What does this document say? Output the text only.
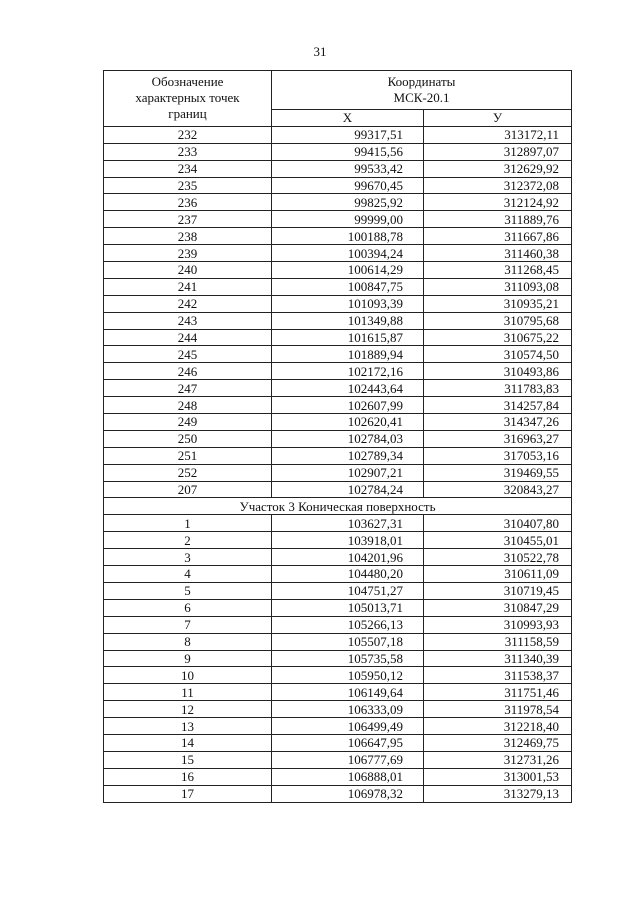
31
Обозначение характерных точек границ	Координаты
МСК-20.1	

	X	У
232	99317,51	313172,11
233	99415,56	312897,07
234	99533,42	312629,92
235	99670,45	312372,08
236	99825,92	312124,92
237	99999,00	311889,76
238	100188,78	311667,86
239	100394,24	311460,38
240	100614,29	311268,45
241	100847,75	311093,08
242	101093,39	310935,21
243	101349,88	310795,68
244	101615,87	310675,22
245	101889,94	310574,50
246	102172,16	310493,86
247	102443,64	311783,83
248	102607,99	314257,84
249	102620,41	314347,26
250	102784,03	316963,27
251	102789,34	317053,16
252	102907,21	319469,55
207	102784,24	320843,27
Участок 3 Коническая поверхность		
1	103627,31	310407,80
2	103918,01	310455,01
3	104201,96	310522,78
4	104480,20	310611,09
5	104751,27	310719,45
6	105013,71	310847,29
7	105266,13	310993,93
8	105507,18	311158,59
9	105735,58	311340,39
10	105950,12	311538,37
11	106149,64	311751,46
12	106333,09	311978,54
13	106499,49	312218,40
14	106647,95	312469,75
15	106777,69	312731,26
16	106888,01	313001,53
17	106978,32	313279,13
